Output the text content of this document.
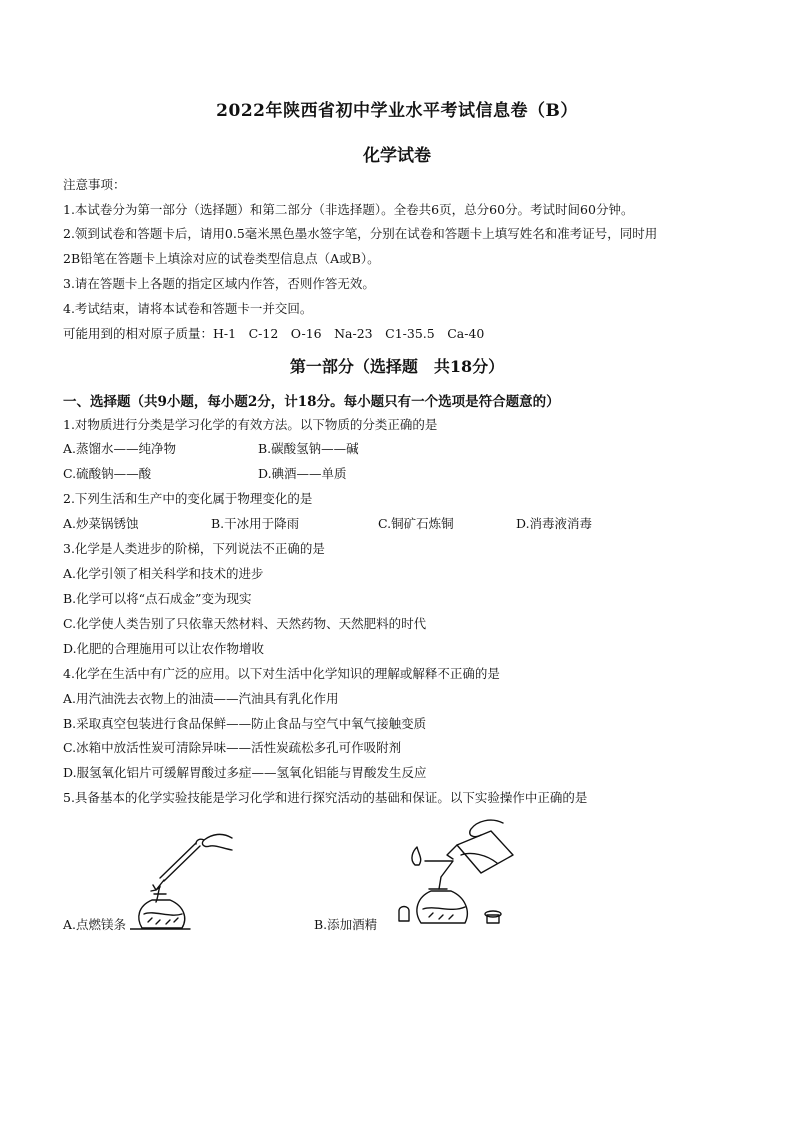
2022年陕西省初中学业水平考试信息卷（B）
化学试卷
注意事项：
1.本试卷分为第一部分（选择题）和第二部分（非选择题）。全卷共6页，总分60分。考试时间60分钟。
2.领到试卷和答题卡后，请用0.5毫米黑色墨水签字笔，分别在试卷和答题卡上填写姓名和准考证号，同时用
2B铅笔在答题卡上填涂对应的试卷类型信息点（A或B）。
3.请在答题卡上各题的指定区域内作答，否则作答无效。
4.考试结束，请将本试卷和答题卡一并交回。
可能用到的相对原子质量：H-1　C-12　O-16　Na-23　C1-35.5　Ca-40
第一部分（选择题 共18分）
一、选择题（共9小题，每小题2分，计18分。每小题只有一个选项是符合题意的）
1.对物质进行分类是学习化学的有效方法。以下物质的分类正确的是
A.蒸馏水——纯净物	B.碳酸氢钠——碱
C.硫酸钠——酸	D.碘酒——单质
2.下列生活和生产中的变化属于物理变化的是
A.炒菜锅锈蚀	B.干冰用于降雨	C.铜矿石炼铜	D.消毒液消毒
3.化学是人类进步的阶梯，下列说法不正确的是
A.化学引领了相关科学和技术的进步
B.化学可以将“点石成金”变为现实
C.化学使人类告别了只依靠天然材料、天然药物、天然肥料的时代
D.化肥的合理施用可以让农作物增收
4.化学在生活中有广泛的应用。以下对生活中化学知识的理解或解释不正确的是
A.用汽油洗去衣物上的油渍——汽油具有乳化作用
B.采取真空包装进行食品保鲜——防止食品与空气中氧气接触变质
C.冰箱中放活性炭可清除异味——活性炭疏松多孔可作吸附剂
D.服氢氧化铝片可缓解胃酸过多症——氢氧化铝能与胃酸发生反应
5.具备基本的化学实验技能是学习化学和进行探究活动的基础和保证。以下实验操作中正确的是
A.点燃镁条	B.添加酒精
